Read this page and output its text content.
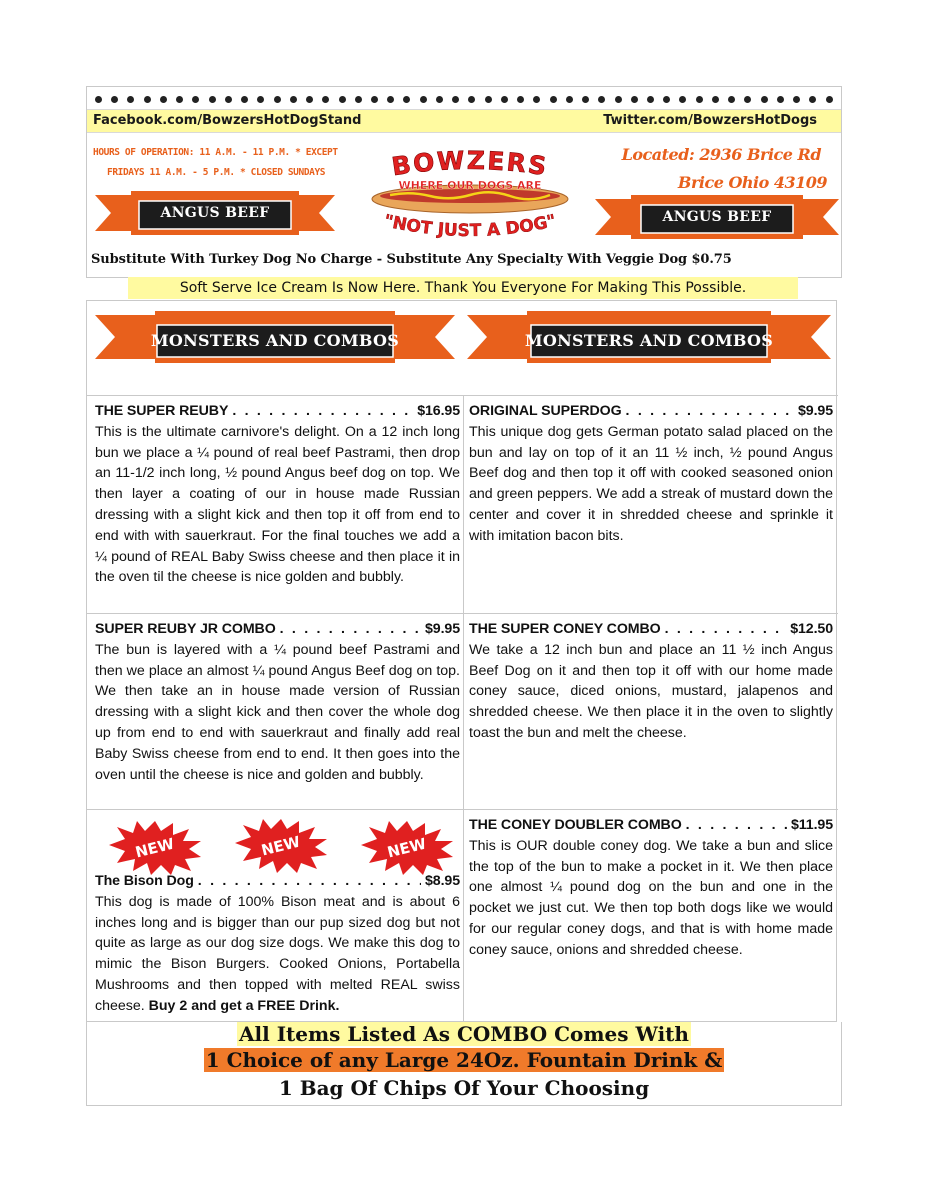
Facebook.com/BowzersHotDogStand	Twitter.com/BowzersHotDogs
HOURS OF OPERATION: 11 A.M. - 11 P.M. * EXCEPT
FRIDAYS 11 A.M. - 5 P.M. * CLOSED SUNDAYS
Located: 2936 Brice Rd
Brice Ohio 43109
BOWZERS
WHERE OUR DOGS ARE
"NOT JUST A DOG"
ANGUS BEEF	ANGUS BEEF
Substitute With Turkey Dog No Charge - Substitute Any Specialty With Veggie Dog $0.75
Soft Serve Ice Cream Is Now Here. Thank You Everyone For Making This Possible.
MONSTERS AND COMBOS	MONSTERS AND COMBOS
THE SUPER REUBY . . .	$16.95
This is the ultimate carnivore's delight. On a 12 inch long bun we place a ¼ pound of real beef Pastrami, then drop an 11-1/2 inch long, ½ pound Angus beef dog on top. We then layer a coating of our in house made Russian dressing with a slight kick and then top it off from end to end with with sauerkraut. For the final touches we add a ¼ pound of REAL Baby Swiss cheese and then place it in the oven til the cheese is nice golden and bubbly.
ORIGINAL SUPERDOG . . .	$9.95
This unique dog gets German potato salad placed on the bun and lay on top of it an 11 ½ inch, ½ pound Angus Beef dog and then top it off with cooked seasoned onion and green peppers. We add a streak of mustard down the center and cover it in shredded cheese and sprinkle it with imitation bacon bits.
SUPER REUBY JR COMBO . . .	$9.95
The bun is layered with a ¼ pound beef Pastrami and then we place an almost ¼ pound Angus Beef dog on top. We then take an in house made version of Russian dressing with a slight kick and then cover the whole dog up from end to end with sauerkraut and finally add real Baby Swiss cheese from end to end. It then goes into the oven until the cheese is nice and golden and bubbly.
THE SUPER CONEY COMBO . . .	$12.50
We take a 12 inch bun and place an 11 ½ inch Angus Beef Dog on it and then top it off with our home made coney sauce, diced onions, mustard, jalapenos and shredded cheese. We then place it in the oven to slightly toast the bun and melt the cheese.
NEW	NEW	NEW
The Bison Dog . . .	$8.95
This dog is made of 100% Bison meat and is about 6 inches long and is bigger than our pup sized dog but not quite as large as our dog size dogs. We make this dog to mimic the Bison Burgers. Cooked Onions, Portabella Mushrooms and then topped with melted REAL swiss cheese. Buy 2 and get a FREE Drink.
THE CONEY DOUBLER COMBO . . .	$11.95
This is OUR double coney dog. We take a bun and slice the top of the bun to make a pocket in it. We then place one almost ¼ pound dog on the bun and one in the pocket we just cut. We then top both dogs like we would for our regular coney dogs, and that is with home made coney sauce, onions and shredded cheese.
All Items Listed As COMBO Comes With
1 Choice of any Large 24Oz. Fountain Drink &
1 Bag Of Chips Of Your Choosing
